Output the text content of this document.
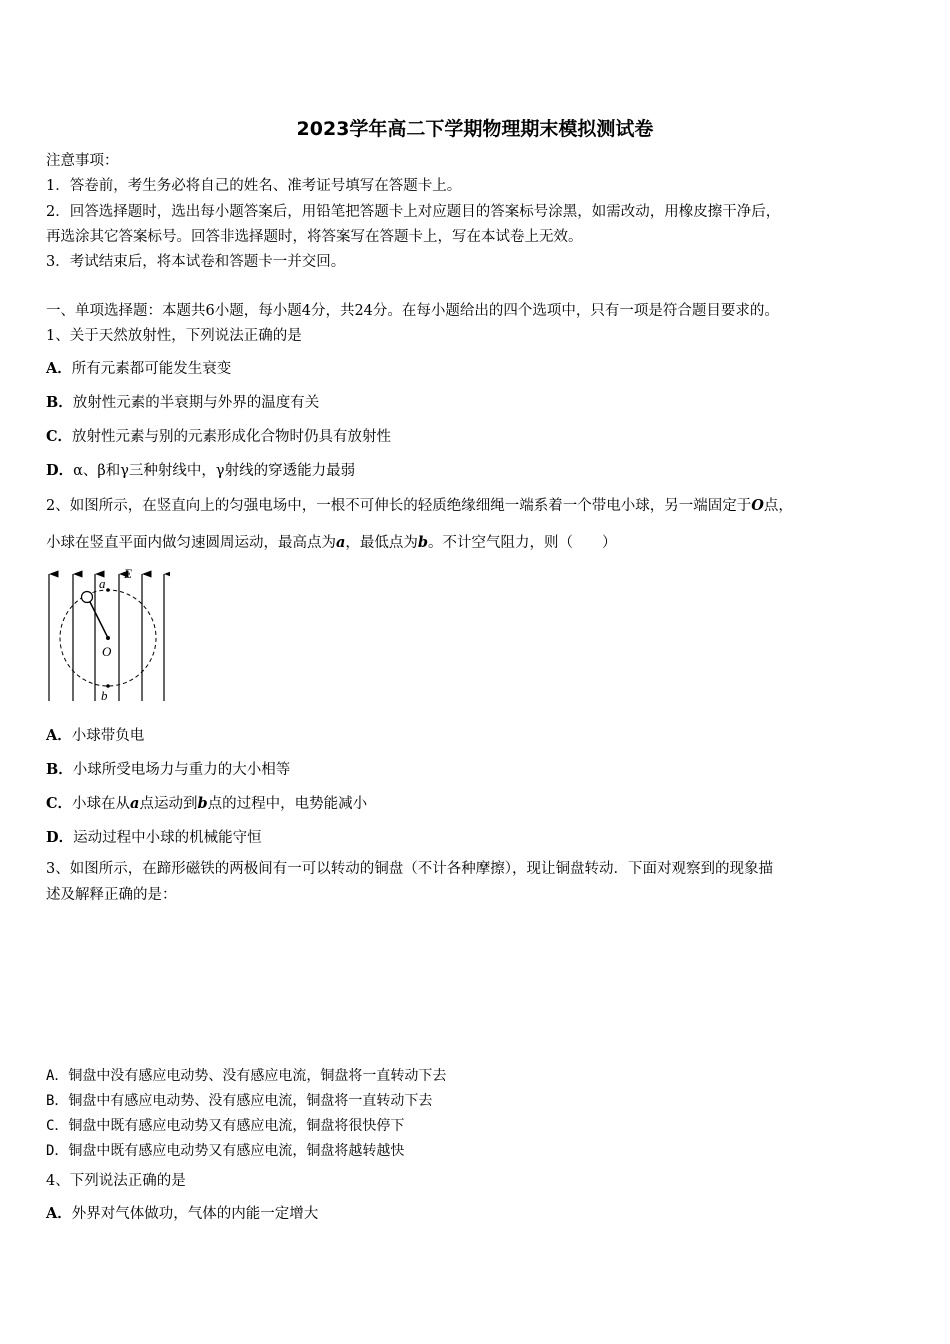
2023学年高二下学期物理期末模拟测试卷

注意事项：

1．答卷前，考生务必将自己的姓名、准考证号填写在答题卡上。

2．回答选择题时，选出每小题答案后，用铅笔把答题卡上对应题目的答案标号涂黑，如需改动，用橡皮擦干净后，

再选涂其它答案标号。回答非选择题时，将答案写在答题卡上，写在本试卷上无效。

3．考试结束后，将本试卷和答题卡一并交回。

一、单项选择题：本题共6小题，每小题4分，共24分。在每小题给出的四个选项中，只有一项是符合题目要求的。

1、关于天然放射性，下列说法正确的是

A．所有元素都可能发生衰变

B．放射性元素的半衰期与外界的温度有关

C．放射性元素与别的元素形成化合物时仍具有放射性

D．α、β和γ三种射线中，γ射线的穿透能力最弱

2、如图所示，在竖直向上的匀强电场中，一根不可伸长的轻质绝缘细绳一端系着一个带电小球，另一端固定于O点，

小球在竖直平面内做匀速圆周运动，最高点为a，最低点为b。不计空气阻力，则（　　）

a
E
O
b

A．小球带负电

B．小球所受电场力与重力的大小相等

C．小球在从a点运动到b点的过程中，电势能减小

D．运动过程中小球的机械能守恒

3、如图所示，在蹄形磁铁的两极间有一可以转动的铜盘（不计各种摩擦），现让铜盘转动．下面对观察到的现象描

述及解释正确的是：

A．铜盘中没有感应电动势、没有感应电流，铜盘将一直转动下去

B．铜盘中有感应电动势、没有感应电流，铜盘将一直转动下去

C．铜盘中既有感应电动势又有感应电流，铜盘将很快停下

D．铜盘中既有感应电动势又有感应电流，铜盘将越转越快

4、下列说法正确的是

A．外界对气体做功，气体的内能一定增大
